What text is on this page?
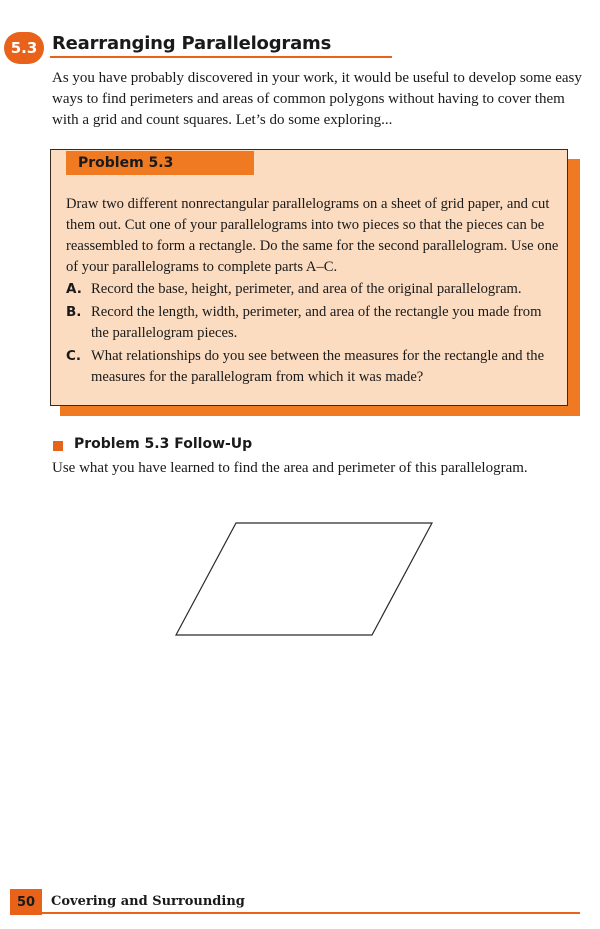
5.3 Rearranging Parallelograms

As you have probably discovered in your work, it would be useful to develop some easy ways to find perimeters and areas of common polygons without having to cover them with a grid and count squares. Let’s do some exploring...

Problem 5.3

Draw two different nonrectangular parallelograms on a sheet of grid paper, and cut them out. Cut one of your parallelograms into two pieces so that the pieces can be reassembled to form a rectangle. Do the same for the second parallelogram. Use one of your parallelograms to complete parts A–C.

A. Record the base, height, perimeter, and area of the original parallelogram.
B. Record the length, width, perimeter, and area of the rectangle you made from the parallelogram pieces.
C. What relationships do you see between the measures for the rectangle and the measures for the parallelogram from which it was made?
Problem 5.3 Follow-Up

Use what you have learned to find the area and perimeter of this parallelogram.

50	Covering and Surrounding
